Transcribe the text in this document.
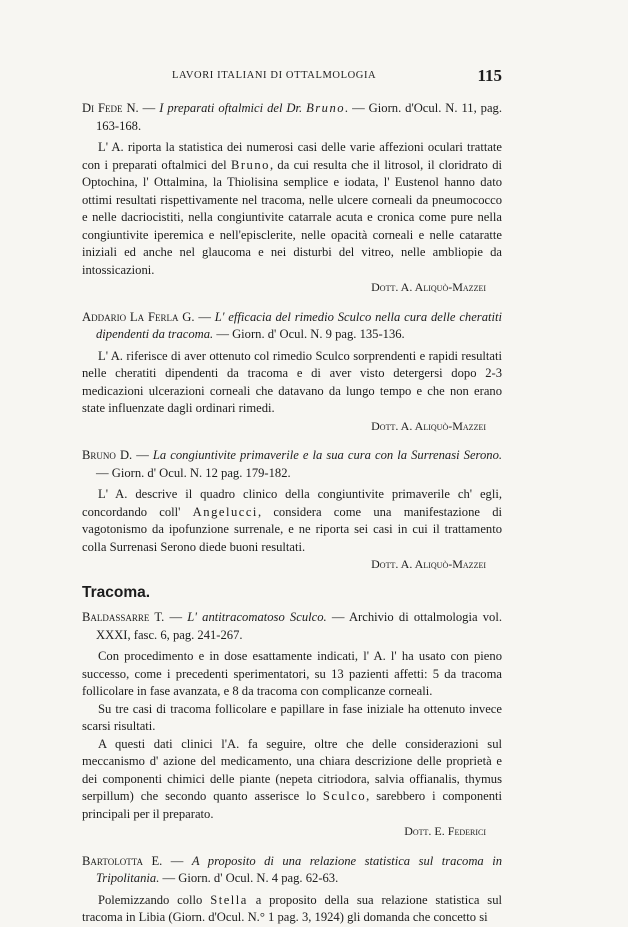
LAVORI ITALIANI DI OTTALMOLOGIA	115

Di Fede N. — I preparati oftalmici del Dr. Bruno. — Giorn. d'Ocul. N. 11, pag. 163-168.

L' A. riporta la statistica dei numerosi casi delle varie affezioni oculari trattate con i preparati oftalmici del Bruno, da cui resulta che il litrosol, il cloridrato di Optochina, l' Ottalmina, la Thiolisina semplice e iodata, l' Eustenol hanno dato ottimi resultati rispettivamente nel tracoma, nelle ulcere corneali da pneumococco e nelle dacriocistiti, nella congiuntivite catarrale acuta e cronica come pure nella congiuntivite iperemica e nell'episclerite, nelle opacità corneali e nelle cataratte iniziali ed anche nel glaucoma e nei disturbi del vitreo, nelle ambliopie da intossicazioni.

Dott. A. Aliquò-Mazzei

Addario La Ferla G. — L' efficacia del rimedio Sculco nella cura delle cheratiti dipendenti da tracoma. — Giorn. d' Ocul. N. 9 pag. 135-136.

L' A. riferisce di aver ottenuto col rimedio Sculco sorprendenti e rapidi resultati nelle cheratiti dipendenti da tracoma e di aver visto detergersi dopo 2-3 medicazioni ulcerazioni corneali che datavano da lungo tempo e che non erano state influenzate dagli ordinari rimedi.

Dott. A. Aliquò-Mazzei

Bruno D. — La congiuntivite primaverile e la sua cura con la Surrenasi Serono. — Giorn. d' Ocul. N. 12 pag. 179-182.

L' A. descrive il quadro clinico della congiuntivite primaverile ch' egli, concordando coll' Angelucci, considera come una manifestazione di vagotonismo da ipofunzione surrenale, e ne riporta sei casi in cui il trattamento colla Surrenasi Serono diede buoni resultati.

Dott. A. Aliquò-Mazzei

Tracoma.

Baldassarre T. — L' antitracomatoso Sculco. — Archivio di ottalmologia vol. XXXI, fasc. 6, pag. 241-267.

Con procedimento e in dose esattamente indicati, l' A. l' ha usato con pieno successo, come i precedenti sperimentatori, su 13 pazienti affetti: 5 da tracoma follicolare in fase avanzata, e 8 da tracoma con complicanze corneali.

Su tre casi di tracoma follicolare e papillare in fase iniziale ha ottenuto invece scarsi risultati.

A questi dati clinici l'A. fa seguire, oltre che delle considerazioni sul meccanismo d' azione del medicamento, una chiara descrizione delle proprietà e dei componenti chimici delle piante (nepeta citriodora, salvia offianalis, thymus serpillum) che secondo quanto asserisce lo Sculco, sarebbero i componenti principali per il preparato.

Dott. E. Federici

Bartolotta E. — A proposito di una relazione statistica sul tracoma in Tripolitania. — Giorn. d' Ocul. N. 4 pag. 62-63.

Polemizzando collo Stella a proposito della sua relazione statistica sul tracoma in Libia (Giorn. d'Ocul. N.° 1 pag. 3, 1924) gli domanda che concetto si
